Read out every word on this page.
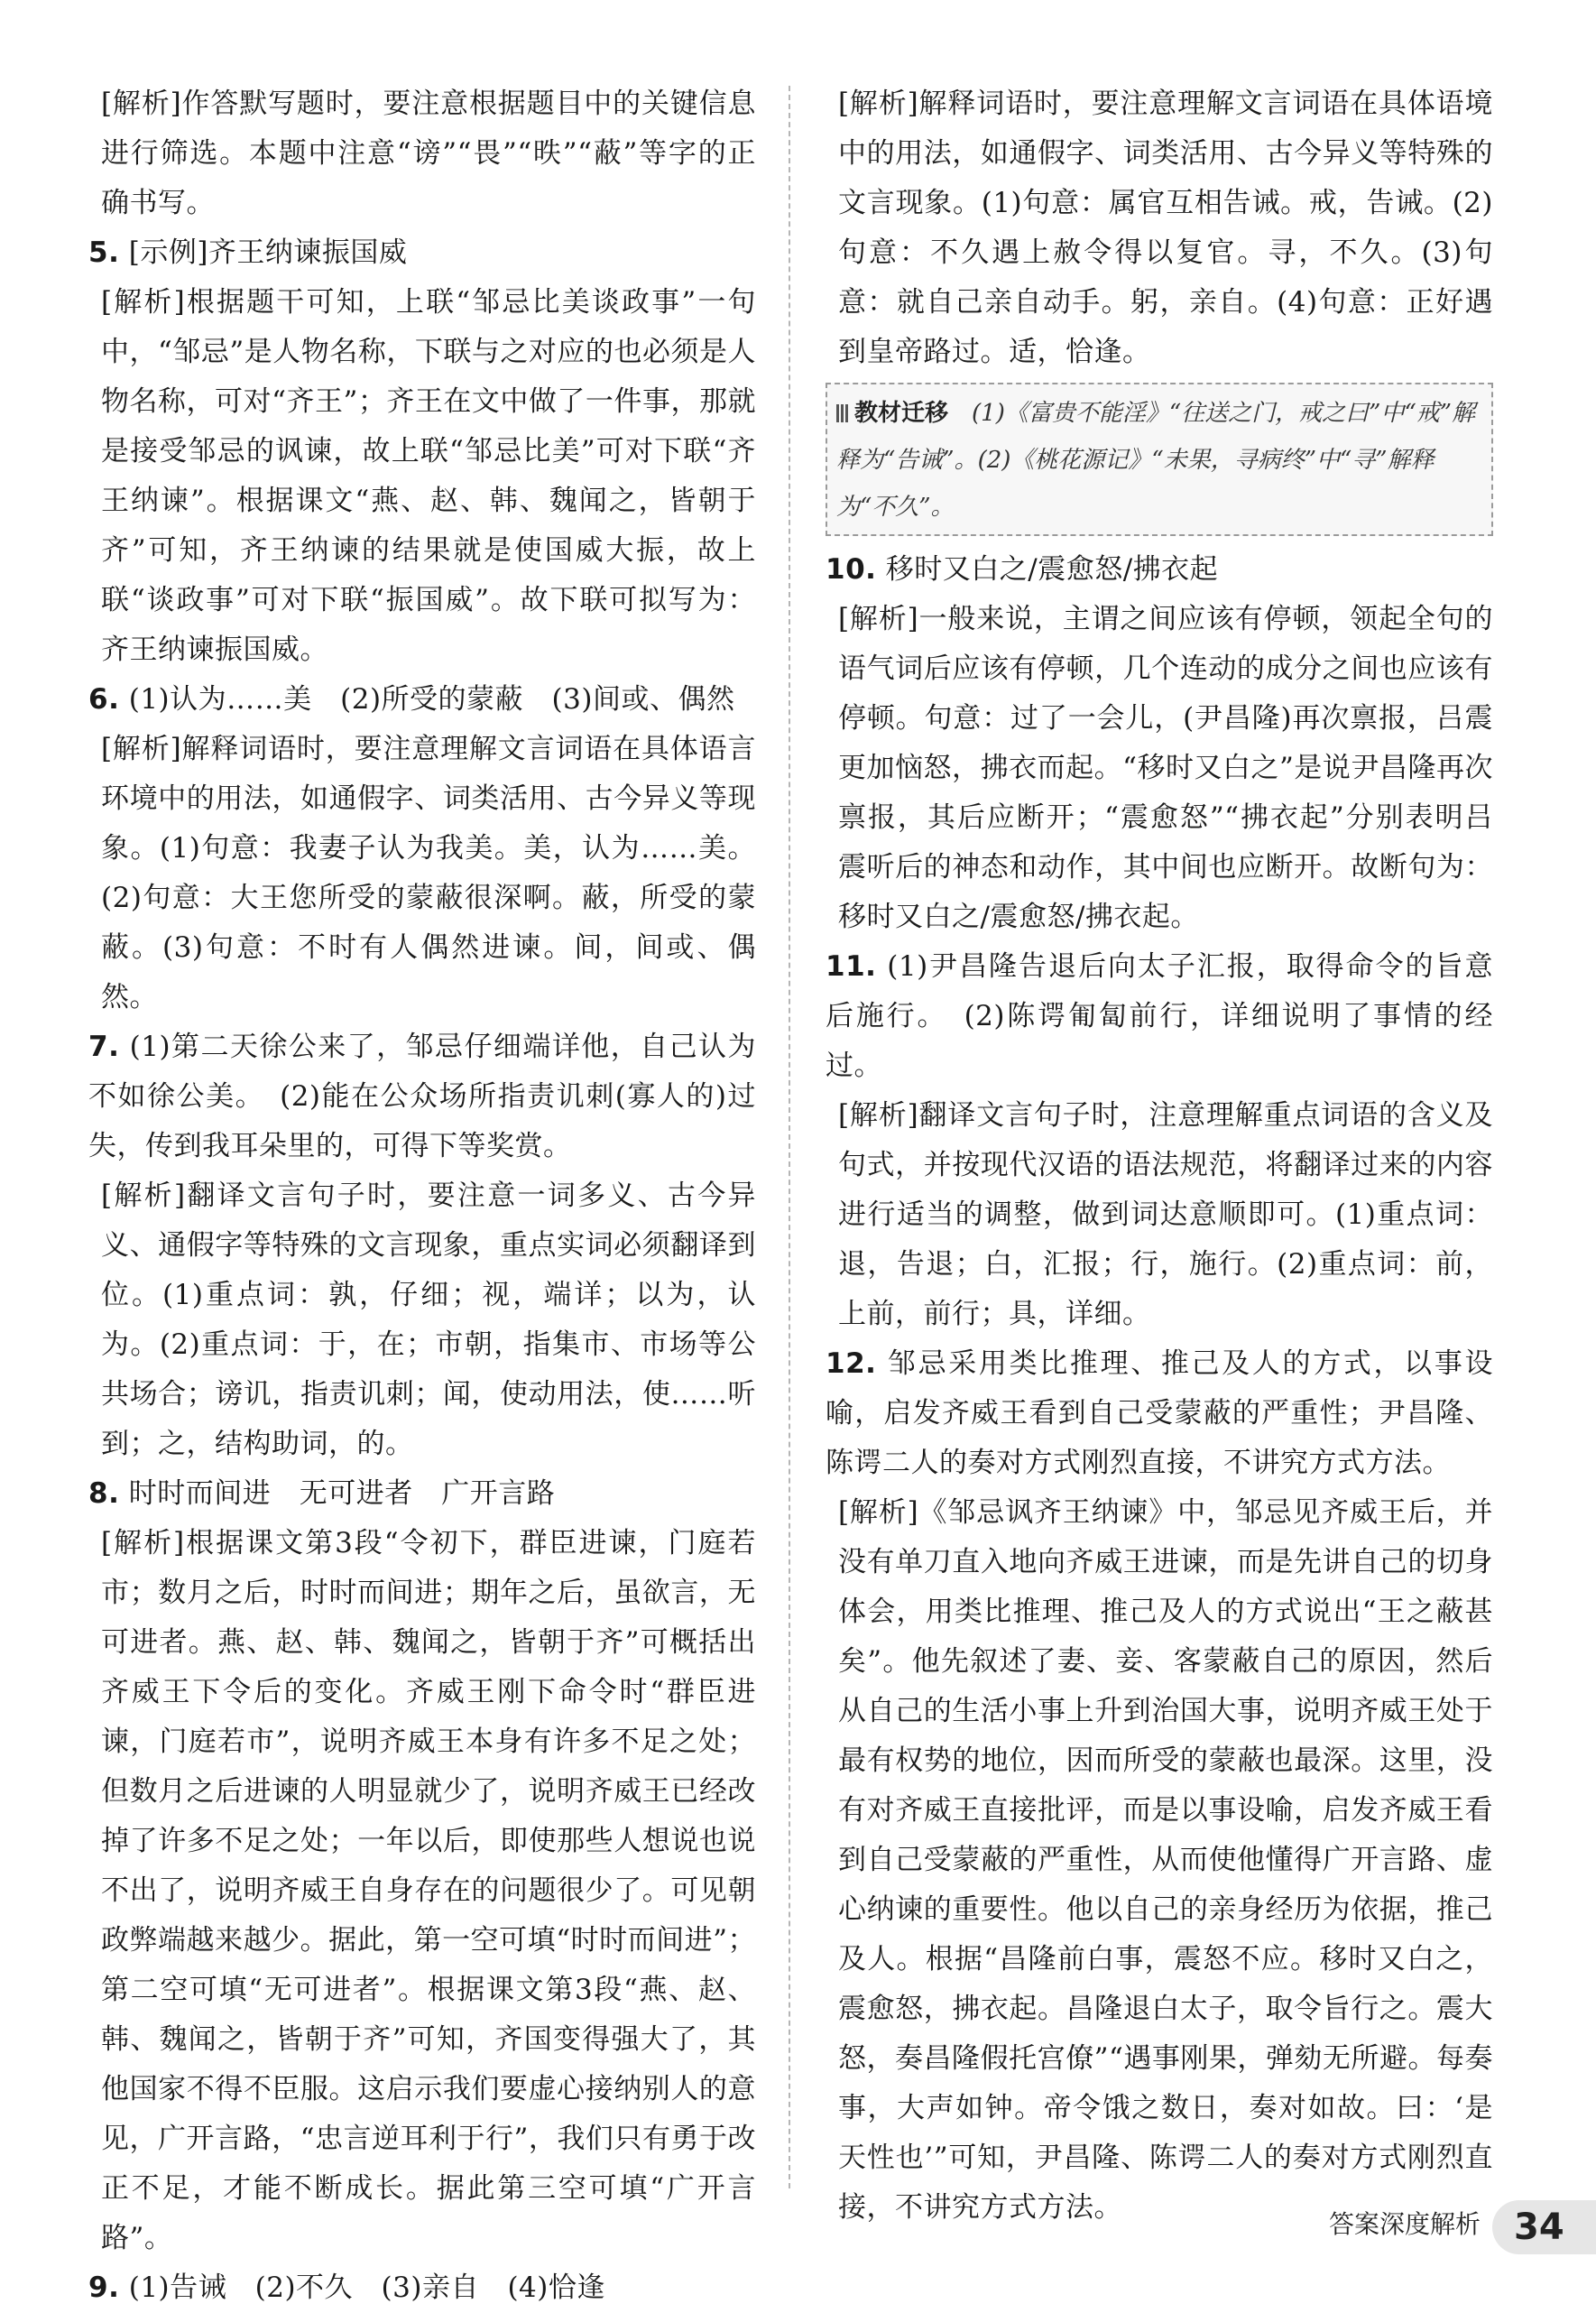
[解析]作答默写题时，要注意根据题目中的关键信息进行筛选。本题中注意“谤”“畏”“昳”“蔽”等字的正确书写。

5. [示例]齐王纳谏振国威

[解析]根据题干可知，上联“邹忌比美谈政事”一句中，“邹忌”是人物名称，下联与之对应的也必须是人物名称，可对“齐王”；齐王在文中做了一件事，那就是接受邹忌的讽谏，故上联“邹忌比美”可对下联“齐王纳谏”。根据课文“燕、赵、韩、魏闻之，皆朝于齐”可知，齐王纳谏的结果就是使国威大振，故上联“谈政事”可对下联“振国威”。故下联可拟写为：齐王纳谏振国威。

6. (1)认为……美　(2)所受的蒙蔽　(3)间或、偶然

[解析]解释词语时，要注意理解文言词语在具体语言环境中的用法，如通假字、词类活用、古今异义等现象。(1)句意：我妻子认为我美。美，认为……美。(2)句意：大王您所受的蒙蔽很深啊。蔽，所受的蒙蔽。(3)句意：不时有人偶然进谏。间，间或、偶然。

7. (1)第二天徐公来了，邹忌仔细端详他，自己认为不如徐公美。　(2)能在公众场所指责讥刺(寡人的)过失，传到我耳朵里的，可得下等奖赏。

[解析]翻译文言句子时，要注意一词多义、古今异义、通假字等特殊的文言现象，重点实词必须翻译到位。(1)重点词：孰，仔细；视，端详；以为，认为。(2)重点词：于，在；市朝，指集市、市场等公共场合；谤讥，指责讥刺；闻，使动用法，使……听到；之，结构助词，的。

8. 时时而间进　无可进者　广开言路

[解析]根据课文第3段“令初下，群臣进谏，门庭若市；数月之后，时时而间进；期年之后，虽欲言，无可进者。燕、赵、韩、魏闻之，皆朝于齐”可概括出齐威王下令后的变化。齐威王刚下命令时“群臣进谏，门庭若市”，说明齐威王本身有许多不足之处；但数月之后进谏的人明显就少了，说明齐威王已经改掉了许多不足之处；一年以后，即使那些人想说也说不出了，说明齐威王自身存在的问题很少了。可见朝政弊端越来越少。据此，第一空可填“时时而间进”；第二空可填“无可进者”。根据课文第3段“燕、赵、韩、魏闻之，皆朝于齐”可知，齐国变得强大了，其他国家不得不臣服。这启示我们要虚心接纳别人的意见，广开言路，“忠言逆耳利于行”，我们只有勇于改正不足，才能不断成长。据此第三空可填“广开言路”。

9. (1)告诫　(2)不久　(3)亲自　(4)恰逢

[解析]解释词语时，要注意理解文言词语在具体语境中的用法，如通假字、词类活用、古今异义等特殊的文言现象。(1)句意：属官互相告诫。戒，告诫。(2)句意：不久遇上赦令得以复官。寻，不久。(3)句意：就自己亲自动手。躬，亲自。(4)句意：正好遇到皇帝路过。适，恰逢。

教材迁移　 (1)《富贵不能淫》“往送之门，戒之曰”中“戒”解释为“告诫”。(2)《桃花源记》“未果，寻病终”中“寻”解释为“不久”。

10. 移时又白之/震愈怒/拂衣起

[解析]一般来说，主谓之间应该有停顿，领起全句的语气词后应该有停顿，几个连动的成分之间也应该有停顿。句意：过了一会儿，(尹昌隆)再次禀报，吕震更加恼怒，拂衣而起。“移时又白之”是说尹昌隆再次禀报，其后应断开；“震愈怒”“拂衣起”分别表明吕震听后的神态和动作，其中间也应断开。故断句为：移时又白之/震愈怒/拂衣起。

11. (1)尹昌隆告退后向太子汇报，取得命令的旨意后施行。　(2)陈谔匍匐前行，详细说明了事情的经过。

[解析]翻译文言句子时，注意理解重点词语的含义及句式，并按现代汉语的语法规范，将翻译过来的内容进行适当的调整，做到词达意顺即可。(1)重点词：退，告退；白，汇报；行，施行。(2)重点词：前，上前，前行；具，详细。

12. 邹忌采用类比推理、推己及人的方式，以事设喻，启发齐威王看到自己受蒙蔽的严重性；尹昌隆、陈谔二人的奏对方式刚烈直接，不讲究方式方法。

[解析]《邹忌讽齐王纳谏》中，邹忌见齐威王后，并没有单刀直入地向齐威王进谏，而是先讲自己的切身体会，用类比推理、推己及人的方式说出“王之蔽甚矣”。他先叙述了妻、妾、客蒙蔽自己的原因，然后从自己的生活小事上升到治国大事，说明齐威王处于最有权势的地位，因而所受的蒙蔽也最深。这里，没有对齐威王直接批评，而是以事设喻，启发齐威王看到自己受蒙蔽的严重性，从而使他懂得广开言路、虚心纳谏的重要性。他以自己的亲身经历为依据，推己及人。根据“昌隆前白事，震怒不应。移时又白之，震愈怒，拂衣起。昌隆退白太子，取令旨行之。震大怒，奏昌隆假托宫僚”“遇事刚果，弹劾无所避。每奏事，大声如钟。帝令饿之数日，奏对如故。曰：‘是天性也’”可知，尹昌隆、陈谔二人的奏对方式刚烈直接，不讲究方式方法。

答案深度解析 34
